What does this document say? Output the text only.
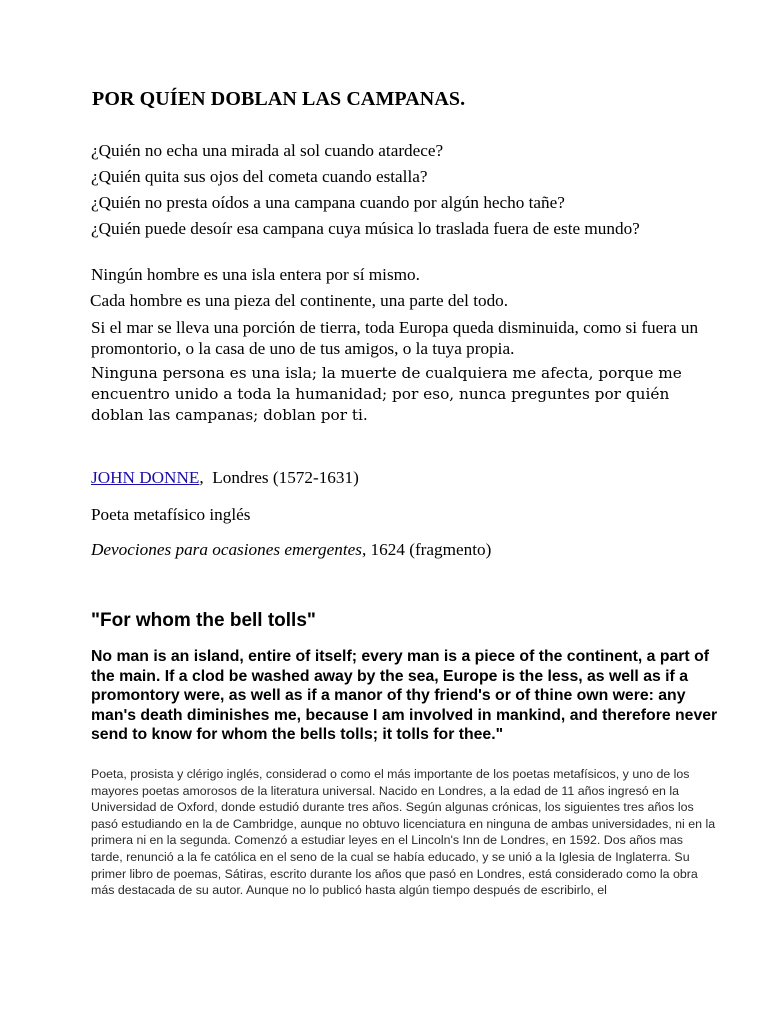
POR QUÍEN DOBLAN LAS CAMPANAS.

¿Quién no echa una mirada al sol cuando atardece?

¿Quién quita sus ojos del cometa cuando estalla?

¿Quién no presta oídos a una campana cuando por algún hecho tañe?

¿Quién puede desoír esa campana cuya música lo traslada fuera de este mundo?

Ningún hombre es una isla entera por sí mismo.

Cada hombre es una pieza del continente, una parte del todo.

Si el mar se lleva una porción de tierra, toda Europa queda disminuida, como si fuera un promontorio, o la casa de uno de tus amigos, o la tuya propia.

Ninguna persona es una isla; la muerte de cualquiera me afecta, porque me encuentro unido a toda la humanidad; por eso, nunca preguntes por quién doblan las campanas; doblan por ti.

JOHN DONNE, Londres (1572-1631)

Poeta metafísico inglés

Devociones para ocasiones emergentes, 1624 (fragmento)

"For whom the bell tolls"

No man is an island, entire of itself; every man is a piece of the continent, a part of the main. If a clod be washed away by the sea, Europe is the less, as well as if a promontory were, as well as if a manor of thy friend's or of thine own were: any man's death diminishes me, because I am involved in mankind, and therefore never send to know for whom the bells tolls; it tolls for thee."

Poeta, prosista y clérigo inglés, considerad o como el más importante de los poetas metafísicos, y uno de los mayores poetas amorosos de la literatura universal. Nacido en Londres, a la edad de 11 años ingresó en la Universidad de Oxford, donde estudió durante tres años. Según algunas crónicas, los siguientes tres años los pasó estudiando en la de Cambridge, aunque no obtuvo licenciatura en ninguna de ambas universidades, ni en la primera ni en la segunda. Comenzó a estudiar leyes en el Lincoln's Inn de Londres, en 1592. Dos años mas tarde, renunció a la fe católica en el seno de la cual se había educado, y se unió a la Iglesia de Inglaterra. Su primer libro de poemas, Sátiras, escrito durante los años que pasó en Londres, está considerado como la obra más destacada de su autor. Aunque no lo publicó hasta algún tiempo después de escribirlo, el
